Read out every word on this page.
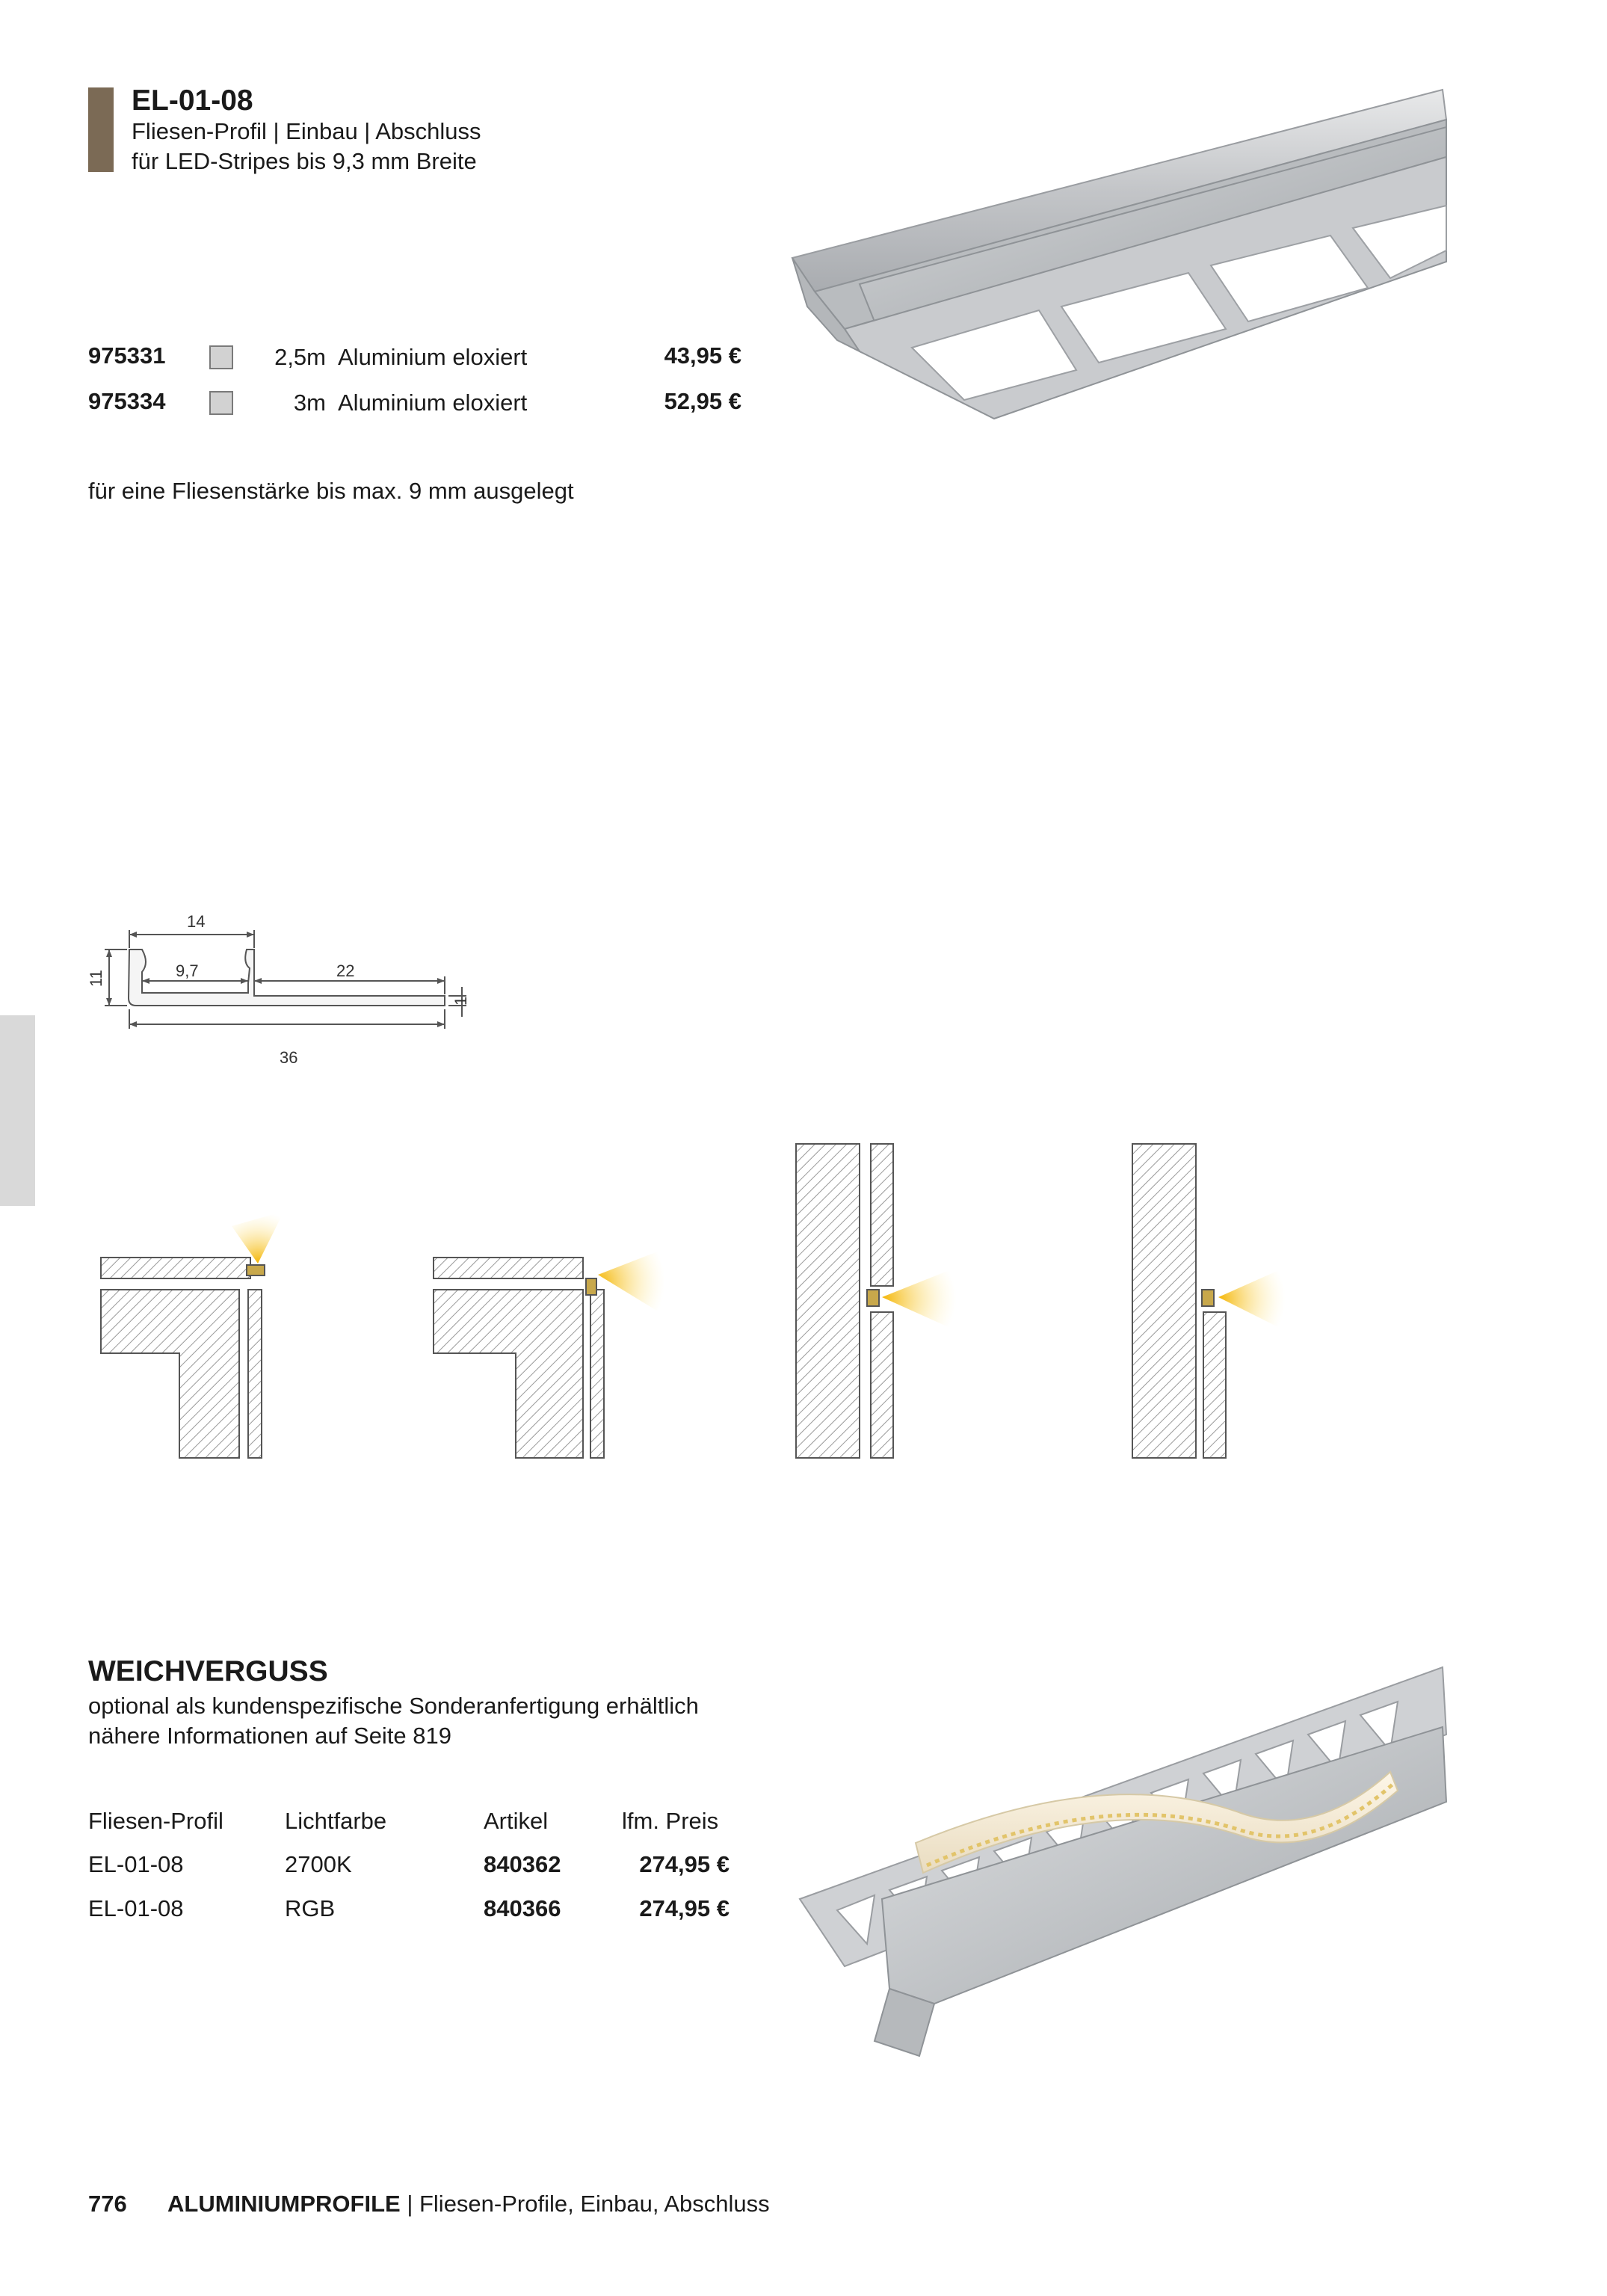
EL-01-08
Fliesen-Profil | Einbau | Abschluss
für LED-Stripes bis 9,3 mm Breite
975331	2,5m Aluminium eloxiert	43,95 €
975334	3m Aluminium eloxiert	52,95 €
für eine Fliesenstärke bis max. 9 mm ausgelegt
14
11	9,7	22
1
36
WEICHVERGUSS
optional als kundenspezifische Sonderanfertigung erhältlich
nähere Informationen auf Seite 819
Fliesen-Profil	Lichtfarbe	Artikel	lfm. Preis
EL-01-08	2700K	840362	274,95 €
EL-01-08	RGB	840366	274,95 €
776 ALUMINIUMPROFILE | Fliesen-Profile, Einbau, Abschluss
